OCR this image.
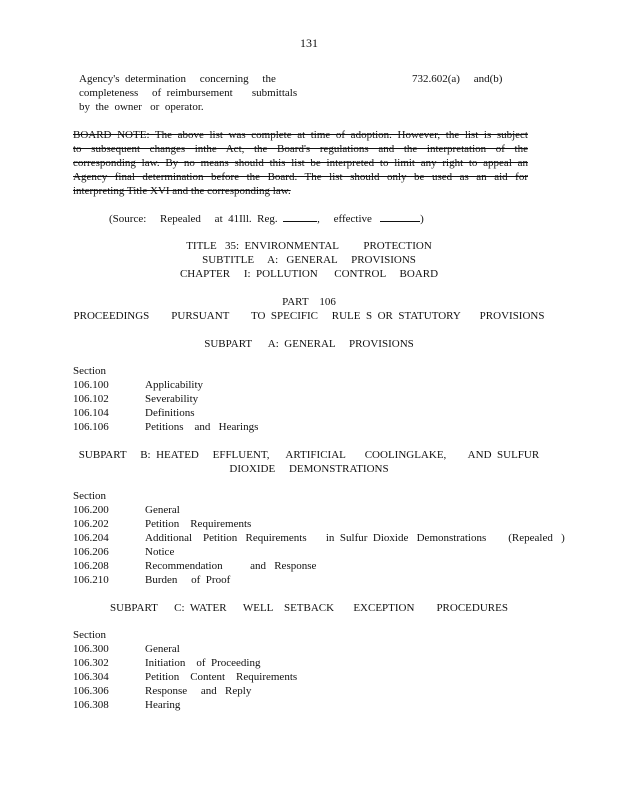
131
Agency's  determination     concerning     the
completeness     of  reimbursement       submittals
by  the  owner   or  operator.
732.602(a)     and(b)
BOARD NOTE: The above list was complete at time of adoption. However, the list is subject
to subsequent changes inthe Act, the Board's regulations and the interpretation of the
corresponding law. By no means should this list be interpreted to limit any right to appeal an
Agency final determination before the Board. The list should only be used as an aid for
interpreting Title XVI and the corresponding law.
(Source:     Repealed     at  41Ill.  Reg.	,     effective	)
TITLE   35:  ENVIRONMENTAL         PROTECTION
SUBTITLE     A:   GENERAL     PROVISIONS
CHAPTER     I:  POLLUTION      CONTROL     BOARD
PART    106
PROCEEDINGS        PURSUANT        TO  SPECIFIC     RULE  S  OR  STATUTORY       PROVISIONS
SUBPART      A:  GENERAL     PROVISIONS
Section
106.100	Applicability
106.102	Severability
106.104	Definitions
106.106	Petitions    and   Hearings
SUBPART     B:  HEATED     EFFLUENT,      ARTIFICIAL       COOLINGLAKE,        AND  SULFUR
DIOXIDE     DEMONSTRATIONS
Section
106.200	General
106.202	Petition    Requirements
106.204	Additional    Petition   Requirements       in  Sulfur  Dioxide   Demonstrations        (Repealed   )
106.206	Notice
106.208	Recommendation          and   Response
106.210	Burden     of  Proof
SUBPART      C:  WATER      WELL    SETBACK       EXCEPTION        PROCEDURES
Section
106.300	General
106.302	Initiation    of  Proceeding
106.304	Petition    Content    Requirements
106.306	Response     and   Reply
106.308	Hearing
